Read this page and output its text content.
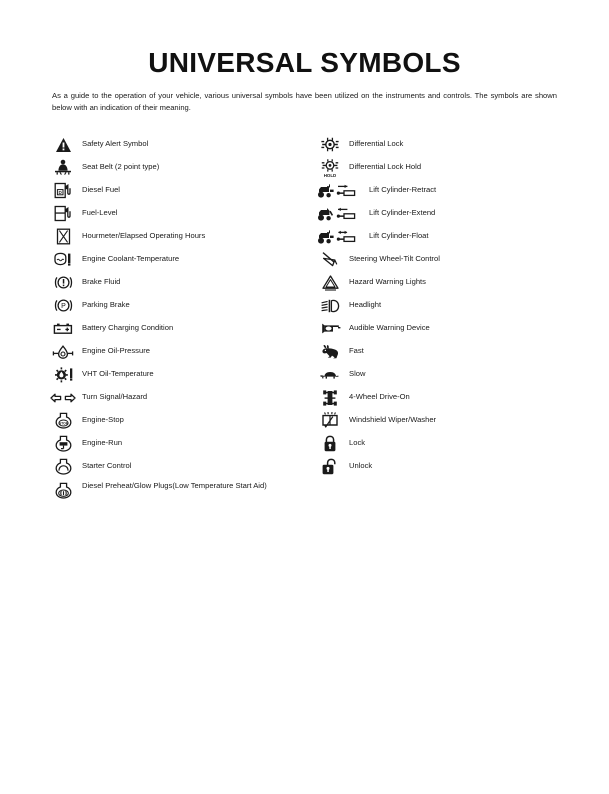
UNIVERSAL SYMBOLS
As a guide to the operation of your vehicle, various universal symbols have been utilized on the instruments and controls. The symbols are shown below with an indication of their meaning.
Safety Alert Symbol
Seat Belt (2 point type)
D	Diesel Fuel
Fuel-Level
Hourmeter/Elapsed Operating Hours
Engine Coolant-Temperature
Brake Fluid
P	Parking Brake
Battery Charging Condition
Engine Oil-Pressure
VHT Oil-Temperature
Turn Signal/Hazard
STOP	Engine-Stop
Engine-Run
Starter Control
Diesel Preheat/Glow Plugs(Low Temperature Start Aid)
Differential Lock
HOLD
Differential Lock Hold
Lift Cylinder-Retract
Lift Cylinder-Extend
Lift Cylinder-Float
Steering Wheel-Tilt Control
Hazard Warning Lights
Headlight
Audible Warning Device
Fast
Slow
4-Wheel Drive-On
Windshield Wiper/Washer
Lock
Unlock
